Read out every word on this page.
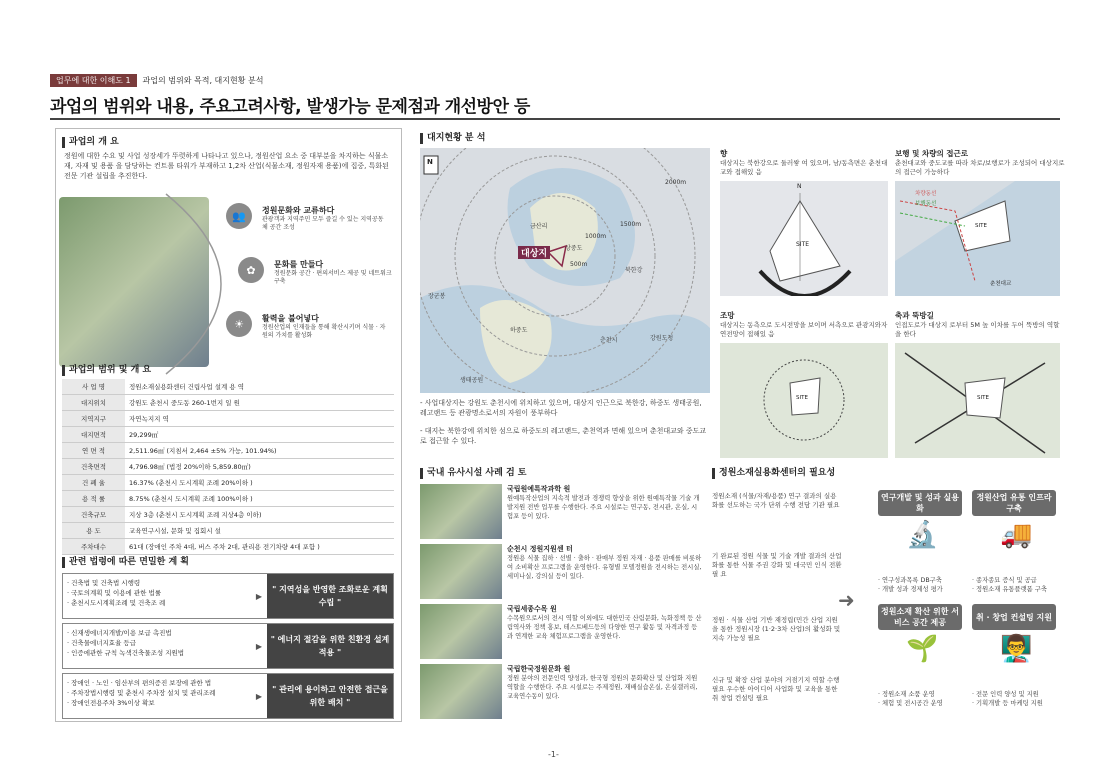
업무에 대한 이해도 1	과업의 범위와 목적, 대지현황 분석
과업의 범위와 내용, 주요고려사항, 발생가능 문제점과 개선방안 등
과업의 개 요
정원에 대한 수요 및 사업 성장세가 뚜렷하게 나타나고 있으나, 정원산업 요소 중 대부분을 차지하는 식물소재, 자재 및 용품 을 담당하는 컨트롤 타워가 부재하고 1,2차 산업(식물소재, 정원자재 용품)에 집중, 특화된 전문 기관 설립을 추진한다.
👥	정원문화와 교류하다
관광객과 지역주민 모두 즐길 수 있는 지역공동체 공간 조성
✿	문화를 만들다
정원문화 공간 · 편의서비스 제공 및 네트워크 구축
☀	활력을 불어넣다
정원산업의 인재들을 통해 확산시키며 식물 · 자원의 가치를 활성화
과업의 범위 및 개 요
사 업 명	정원소재실용화센터 건립사업 설계 용 역
대지위치	강원도 춘천시 중도동 260-1번지 일 원
지역지구	자연녹지지 역
대지면적	29,299㎡
연 면 적	2,511.96㎡ (지침서 2,464 ±5% 가능, 101.94%)
건축면적	4,796.98㎡ (법정 20%이하 5,859.80㎡)
건 폐 율	16.37% (춘천시 도시계획 조례 20%이하 )
용 적 률	8.75% (춘천시 도시계획 조례 100%이하 )
건축규모	지상 3층 (춘천시 도시계획 조례 지상4층 이하)
용 도	교육연구시설, 문화 및 집회시 설
주차대수	61대 (장애인 주차 4대, 버스 주차 2대, 관리용 전기차량 4대 포함 )
관련 법령에 따른 면밀한 계 획
· 건축법 및 건축법 시행령
· 국토의계획 및 이용에 관한 법률
· 춘천시도시계획조례 및 건축조 례
▶
" 지역성을 반영한 조화로운 계획 수립 "
· 신재생에너지개발/이용 보급 촉진법
· 건축물에너지효율 등급
· 인증에관한 규칙 녹색건축물조성 지원법
▶
" 에너지 절감을 위한 친환경 설계적용 "
· 장애인 · 노인 · 임산부의 편의증진 보장에 관한 법
· 주차장법시행령 및 춘천시 주차장 설치 및 관리조례
· 장애인전용주차 3%이상 확보
▶
" 관리에 용이하고 안전한 접근을 위한 배치 "
대지현황 분 석
N
대상지
1500m
1000m
500m
2000m
금산리
상중도
북한강
장군봉
하중도
춘천시	강원도청
생태공원
- 사업대상지는 강원도 춘천시에 위치하고 있으며, 대상지 인근으로 북한강, 하중도 생태공원, 레고랜드 등 관광명소로서의 자원이 풍부하다
- 대지는 북한강에 위치한 섬으로 하중도의 레고랜드, 춘천역과 면해 있으며 춘천대교와 중도교로 접근할 수 있다.
향
대상지는 북한강으로 둘러쌓 여 있으며, 남/동측면은 춘천대교와 접해있 음
N
SITE
보행 및 차량의 접근로
춘천대교와 중도교를 따라 차로/보행로가 조성되어 대상지로의 접근이 가능하다
차량동선
보행동선
SITE
춘천대교
조망
대상지는 동측으로 도시전망을 보이며 서측으로 관광지와자연전망이 접해있 음
SITE
축과 뚝방길
인접도로가 대상지 로부터 5M 높 이차를 두어 뚝방의 역할을 한다
SITE
국내 유사시설 사례 검 토
국립원예특작과학 원
원예특작산업의 지속적 발전과 경쟁력 향상을 위한 원예특작물 기술 개발지원 전반 업무를 수행한다. 주요 시설로는 연구동, 전시관, 온실, 시험포 등이 있다.
순천시 정원지원센 터
정원용 식물 집하 · 선별 · 출하 · 판매부 정원 자재 · 용품 판매를 비롯하여 소비확산 프로그램을 운영한다. 유형별 모델정원을 전시하는 전시실, 세미나실, 강의실 등이 있다.
국립세종수목 원
수목원으로서의 전시 역할 이외에도 대한민국 산림문화, 녹화정책 등 산림역사와 정책 홍보, 테스트베드등의 다양한 연구 활동 및 자격과정 등과 연계한 교육 체험프로그램을 운영한다.
국립한국정원문화 원
정원 분야의 전문인력 양성과, 한국형 정원의 문화확산 및 산업화 지원 역할을 수행한다. 주요 시설로는 주제정원, 재배실습온실, 온실갤러리, 교육연수동이 있다.
정원소재실용화센터의 필요성
정원소재 (식물/자재/용품) 연구 결과의 실용화를 선도하는 국가 단위 수행 전담 기관 필요
기 완료된 정원 식물 및 기술 개발 결과의 산업화를 통한 식물 주권 강화 및 대국민 인식 전환 필 요
정원 · 식물 산업 기반 재정립(민간 산업 지원을 통한 정원시장 (1·2·3차 산업)의 활성화 및 지속 가능성 필요
신규 및 확장 산업 분야의 거점기지 역할 수행 필요 우수한 아이디어 사업화 및 교육을 통한 취 창업 컨설팅 필요
➜
연구개발 및 성과 실용화
정원산업 유통 인프라 구축
🔬 🚚
· 연구성과목록 DB구축
· 개발 성과 경제성 평가
· 종자종묘 증식 및 공급
· 정원소재 유통플랫폼 구축
정원소재 확산 위한 서비스 공간 제공
취 · 창업 컨설팅 지원
🌱 👨‍🏫
· 정원소재 소품 운영
· 체험 및 전시공간 운영
· 전문 인력 양성 및 지원
· 기획개발 등 마케팅 지원
-1-
